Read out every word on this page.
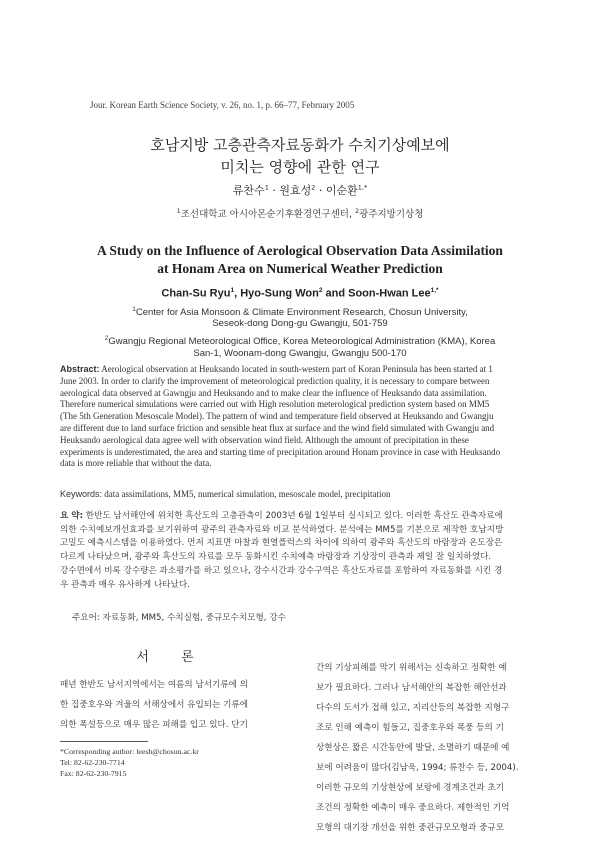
Jour. Korean Earth Science Society, v. 26, no. 1, p. 66–77, February 2005
호남지방 고층관측자료동화가 수치기상예보에
미치는 영향에 관한 연구
류찬수$^1$ · 원효성$^2$ · 이순환$^{1,*}$
$^1$조선대학교 아시아몬순기후환경연구센터, $^2$광주지방기상청
A Study on the Influence of Aerological Observation Data Assimilation
at Honam Area on Numerical Weather Prediction
Chan-Su Ryu$^1$, Hyo-Sung Won$^2$ and Soon-Hwan Lee$^{1,*}$
$^1$Center for Asia Monsoon & Climate Environment Research, Chosun University,
Seseok-dong Dong-gu Gwangju, 501-759
$^2$Gwangju Regional Meteorological Office, Korea Meteorological Administration (KMA), Korea
San-1, Woonam-dong Gwangju, Gwangju 500-170
Abstract: Aerological observation at Heuksando located in south-western part of Koran Peninsula has been started at 1
June 2003. In order to clarify the improvement of meteorological prediction quality, it is necessary to compare between
aerological data observed at Gawngju and Heuksando and to make clear the influence of Heuksando data assimilation.
Therefore numerical simulations were carried out with High resolution meterological prediction system based on MM5
(The 5th Generation Mesoscale Model). The pattern of wind and temperature field observed at Heuksando and Gwangju
are different due to land surface friction and sensible heat flux at surface and the wind field simulated with Gwangju and
Heuksando aerological data agree well with observation wind field. Although the amount of precipitation in these
experiments is underestimated, the area and starting time of precipitation around Honam province in case with Heuksando
data is more reliable that without the data.
Keywords: data assimilations, MM5, numerical simulation, mesoscale model, precipitation
요 약: 한반도 남서해안에 위치한 흑산도의 고층관측이 2003년 6월 1일부터 실시되고 있다. 이러한 흑산도 관측자료에
의한 수치예보개선효과를 보기위하여 광주의 관측자료와 비교 분석하였다. 분석에는 MM5를 기본으로 제작한 호남지방
고밀도 예측시스템을 이용하였다. 먼저 지표면 마찰과 현열플럭스의 차이에 의하여 광주와 흑산도의 바람장과 온도장은
다르게 나타났으며, 광주와 흑산도의 자료를 모두 동화시킨 수치예측 바람장과 기상장이 관측과 제일 잘 일치하였다.
강수면에서 비록 강수량은 과소평가를 하고 있으나, 강수시간과 강수구역은 흑산도자료를 포함하여 자료동화를 시킨 경
우 관측과 매우 유사하게 나타났다.
주요어: 자료동화, MM5, 수치실험, 중규모수치모형, 강수
서 론
매년 한반도 남서지역에서는 여름의 남서기류에 의
한 집중호우와 겨울의 서해상에서 유입되는 기류에
의한 폭설등으로 매우 많은 피해를 입고 있다. 단기
간의 기상피해를 막기 위해서는 신속하고 정확한 예
보가 필요하다. 그러나 남서해안의 복잡한 해안선과
다수의 도서가 접해 있고, 지리산등의 복잡한 지형구
조로 인해 예측이 힘들고, 집중호우와 폭풍 등의 기
상현상은 짧은 시간동안에 발달, 소멸하기 때문에 예
보에 어려움이 많다(김남욱, 1994; 류찬수 등, 2004).
이러한 규모의 기상현상에 보랑에 경계조건과 초기
조건의 정확한 예측이 매우 중요하다. 제한적인 기억
모형의 대기장 개선을 위한 중관규모모형과 중규모
*Corresponding author: leesh@chosun.ac.kr
Tel: 82-62-230-7714
Fax: 82-62-230-7915
